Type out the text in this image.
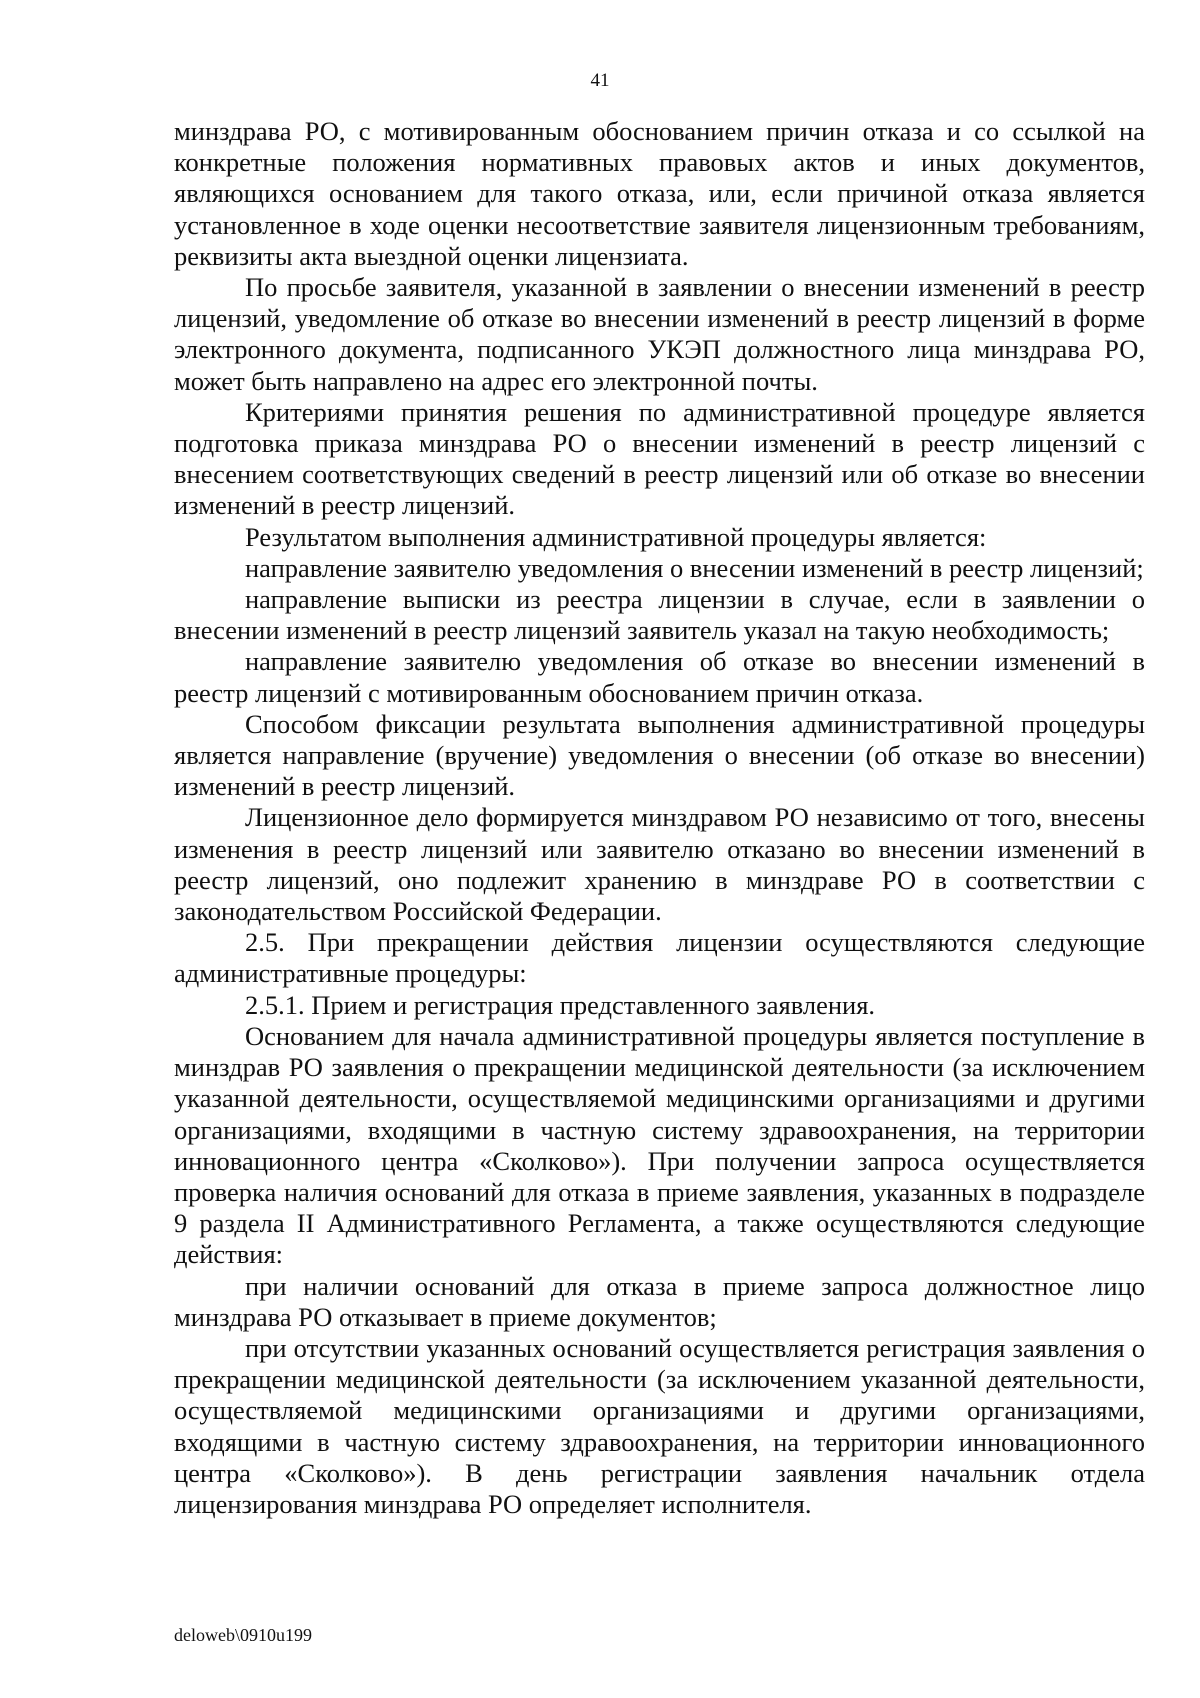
41

минздрава РО, с мотивированным обоснованием причин отказа и со ссылкой на конкретные положения нормативных правовых актов и иных документов, являющихся основанием для такого отказа, или, если причиной отказа является установленное в ходе оценки несоответствие заявителя лицензионным требованиям, реквизиты акта выездной оценки лицензиата.

По просьбе заявителя, указанной в заявлении о внесении изменений в реестр лицензий, уведомление об отказе во внесении изменений в реестр лицензий в форме электронного документа, подписанного УКЭП должностного лица минздрава РО, может быть направлено на адрес его электронной почты.

Критериями принятия решения по административной процедуре является подготовка приказа минздрава РО о внесении изменений в реестр лицензий с внесением соответствующих сведений в реестр лицензий или об отказе во внесении изменений в реестр лицензий.

Результатом выполнения административной процедуры является:

направление заявителю уведомления о внесении изменений в реестр лицензий;

направление выписки из реестра лицензии в случае, если в заявлении о внесении изменений в реестр лицензий заявитель указал на такую необходимость;

направление заявителю уведомления об отказе во внесении изменений в реестр лицензий с мотивированным обоснованием причин отказа.

Способом фиксации результата выполнения административной процедуры является направление (вручение) уведомления о внесении (об отказе во внесении) изменений в реестр лицензий.

Лицензионное дело формируется минздравом РО независимо от того, внесены изменения в реестр лицензий или заявителю отказано во внесении изменений в реестр лицензий, оно подлежит хранению в минздраве РО в соответствии с законодательством Российской Федерации.

2.5. При прекращении действия лицензии осуществляются следующие административные процедуры:

2.5.1. Прием и регистрация представленного заявления.

Основанием для начала административной процедуры является поступление в минздрав РО заявления о прекращении медицинской деятельности (за исключением указанной деятельности, осуществляемой медицинскими организациями и другими организациями, входящими в частную систему здравоохранения, на территории инновационного центра «Сколково»). При получении запроса осуществляется проверка наличия оснований для отказа в приеме заявления, указанных в подразделе 9 раздела II Административного Регламента, а также осуществляются следующие действия:

при наличии оснований для отказа в приеме запроса должностное лицо минздрава РО отказывает в приеме документов;

при отсутствии указанных оснований осуществляется регистрация заявления о прекращении медицинской деятельности (за исключением указанной деятельности, осуществляемой медицинскими организациями и другими организациями, входящими в частную систему здравоохранения, на территории инновационного центра «Сколково»). В день регистрации заявления начальник отдела лицензирования минздрава РО определяет исполнителя.

deloweb\0910u199
